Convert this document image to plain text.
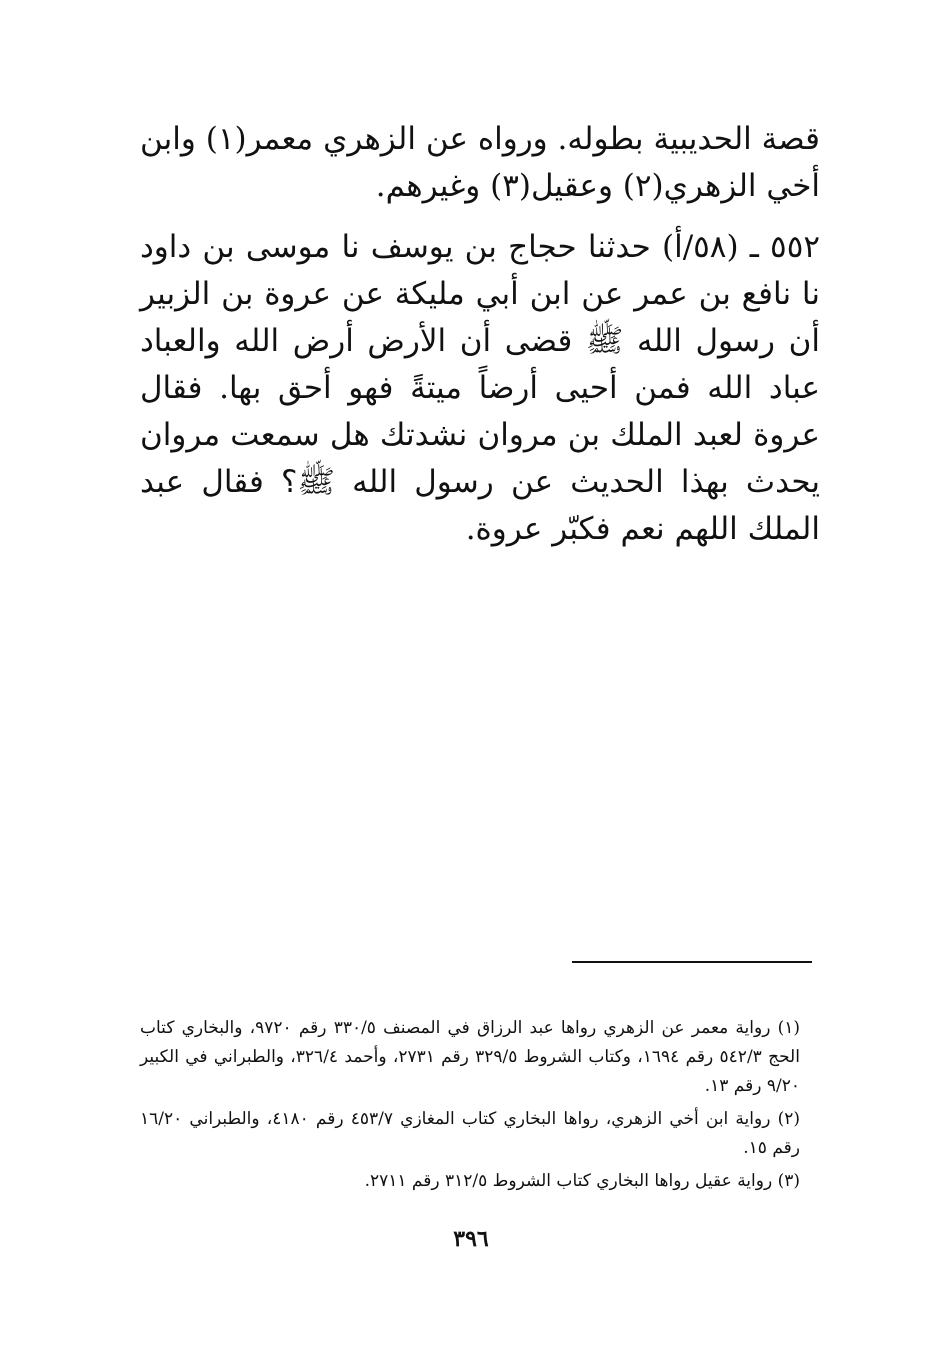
قصة الحديبية بطوله. ورواه عن الزهري معمر(١) وابن أخي الزهري(٢) وعقيل(٣) وغيرهم.

٥٥٢ ـ (٥٨/أ) حدثنا حجاج بن يوسف نا موسى بن داود نا نافع بن عمر عن ابن أبي مليكة عن عروة بن الزبير أن رسول الله ﷺ قضى أن الأرض أرض الله والعباد عباد الله فمن أحيى أرضاً ميتةً فهو أحق بها. فقال عروة لعبد الملك بن مروان نشدتك هل سمعت مروان يحدث بهذا الحديث عن رسول الله ﷺ؟ فقال عبد الملك اللهم نعم فكبّر عروة.

(١) رواية معمر عن الزهري رواها عبد الرزاق في المصنف ٣٣٠/٥ رقم ٩٧٢٠، والبخاري كتاب الحج ٥٤٢/٣ رقم ١٦٩٤، وكتاب الشروط ٣٢٩/٥ رقم ٢٧٣١، وأحمد ٣٢٦/٤، والطبراني في الكبير ٩/٢٠ رقم ١٣.

(٢) رواية ابن أخي الزهري، رواها البخاري كتاب المغازي ٤٥٣/٧ رقم ٤١٨٠، والطبراني ١٦/٢٠ رقم ١٥.

(٣) رواية عقيل رواها البخاري كتاب الشروط ٣١٢/٥ رقم ٢٧١١.

٣٩٦
